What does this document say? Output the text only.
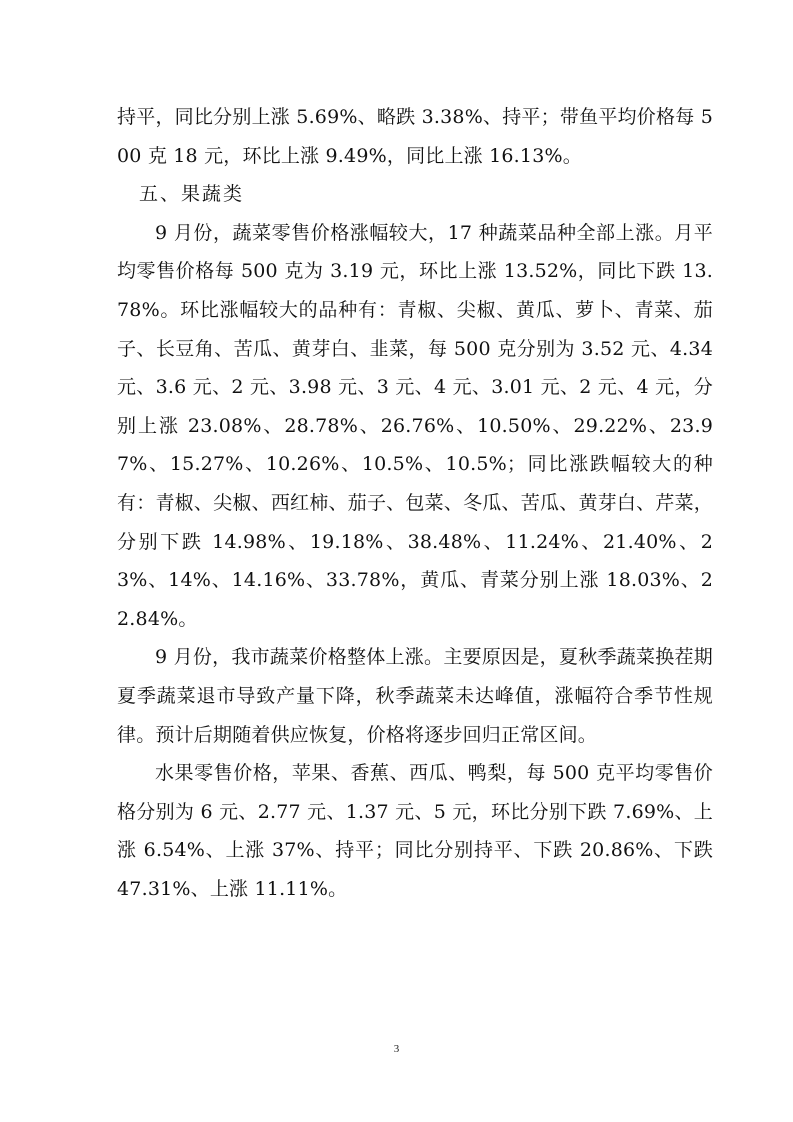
持平，同比分别上涨 5.69%、略跌 3.38%、持平；带鱼平均价格每 500 克 18 元，环比上涨 9.49%，同比上涨 16.13%。

五、果蔬类

9 月份，蔬菜零售价格涨幅较大，17 种蔬菜品种全部上涨。月平均零售价格每 500 克为 3.19 元，环比上涨 13.52%，同比下跌 13.78%。环比涨幅较大的品种有：青椒、尖椒、黄瓜、萝卜、青菜、茄子、长豆角、苦瓜、黄芽白、韭菜，每 500 克分别为 3.52 元、4.34 元、3.6 元、2 元、3.98 元、3 元、4 元、3.01 元、2 元、4 元，分别上涨 23.08%、28.78%、26.76%、10.50%、29.22%、23.97%、15.27%、10.26%、10.5%、10.5%；同比涨跌幅较大的种有：青椒、尖椒、西红柿、茄子、包菜、冬瓜、苦瓜、黄芽白、芹菜，分别下跌 14.98%、19.18%、38.48%、11.24%、21.40%、23%、14%、14.16%、33.78%，黄瓜、青菜分别上涨 18.03%、22.84%。

9 月份，我市蔬菜价格整体上涨。主要原因是，夏秋季蔬菜换茬期夏季蔬菜退市导致产量下降，秋季蔬菜未达峰值，涨幅符合季节性规律。预计后期随着供应恢复，价格将逐步回归正常区间。

水果零售价格，苹果、香蕉、西瓜、鸭梨，每 500 克平均零售价格分别为 6 元、2.77 元、1.37 元、5 元，环比分别下跌 7.69%、上涨 6.54%、上涨 37%、持平；同比分别持平、下跌 20.86%、下跌 47.31%、上涨 11.11%。

3
